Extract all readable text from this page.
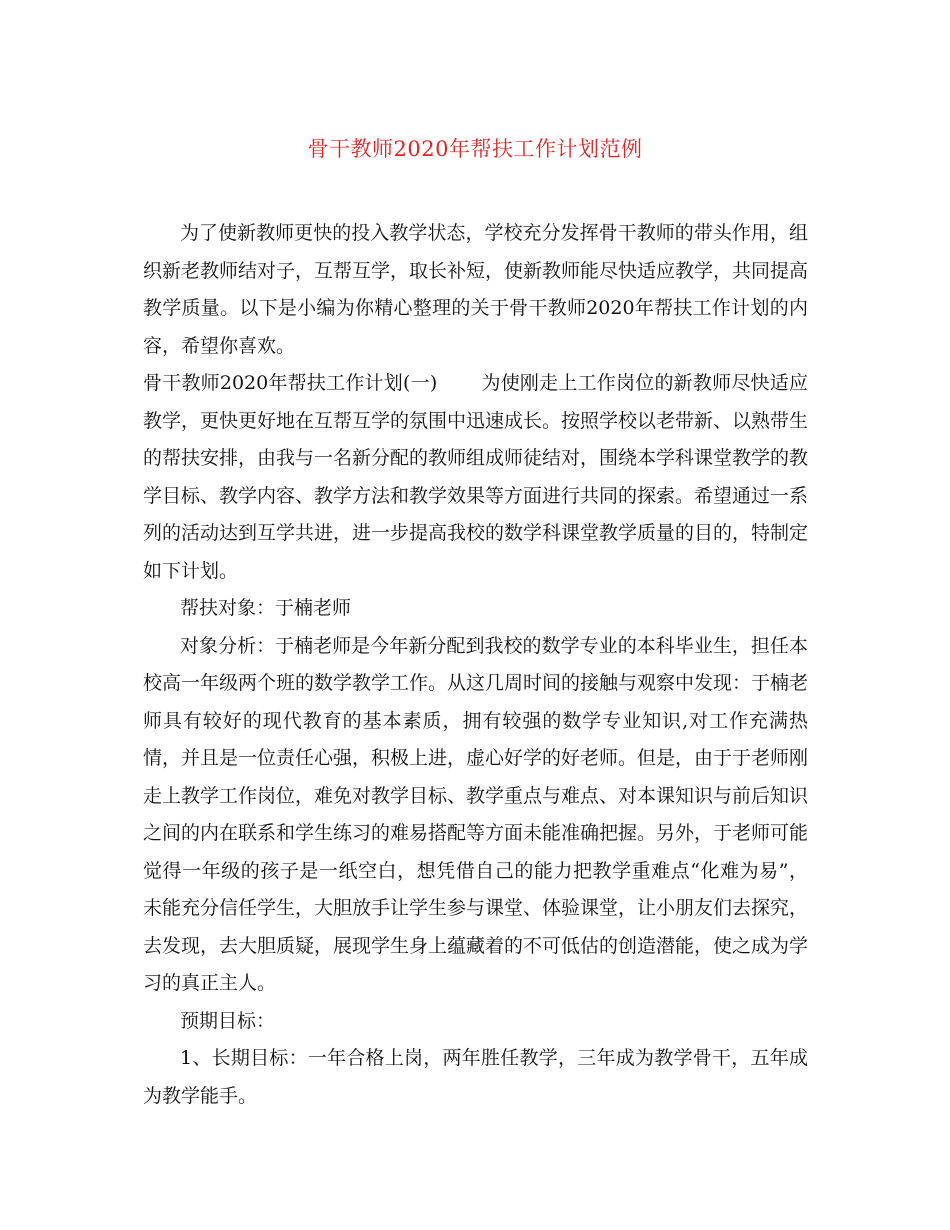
骨干教师2020年帮扶工作计划范例

为了使新教师更快的投入教学状态，学校充分发挥骨干教师的带头作用，组织新老教师结对子，互帮互学，取长补短，使新教师能尽快适应教学，共同提高教学质量。以下是小编为你精心整理的关于骨干教师2020年帮扶工作计划的内容，希望你喜欢。

骨干教师2020年帮扶工作计划(一) 为使刚走上工作岗位的新教师尽快适应教学，更快更好地在互帮互学的氛围中迅速成长。按照学校以老带新、以熟带生的帮扶安排，由我与一名新分配的教师组成师徒结对，围绕本学科课堂教学的教学目标、教学内容、教学方法和教学效果等方面进行共同的探索。希望通过一系列的活动达到互学共进，进一步提高我校的数学科课堂教学质量的目的，特制定如下计划。

帮扶对象：于楠老师

对象分析：于楠老师是今年新分配到我校的数学专业的本科毕业生，担任本校高一年级两个班的数学教学工作。从这几周时间的接触与观察中发现：于楠老师具有较好的现代教育的基本素质，拥有较强的数学专业知识,对工作充满热情，并且是一位责任心强，积极上进，虚心好学的好老师。但是，由于于老师刚走上教学工作岗位，难免对教学目标、教学重点与难点、对本课知识与前后知识之间的内在联系和学生练习的难易搭配等方面未能准确把握。另外，于老师可能觉得一年级的孩子是一纸空白，想凭借自己的能力把教学重难点“化难为易”，未能充分信任学生，大胆放手让学生参与课堂、体验课堂，让小朋友们去探究，去发现，去大胆质疑，展现学生身上蕴藏着的不可低估的创造潜能，使之成为学习的真正主人。

预期目标：

1、长期目标：一年合格上岗，两年胜任教学，三年成为教学骨干，五年成为教学能手。
